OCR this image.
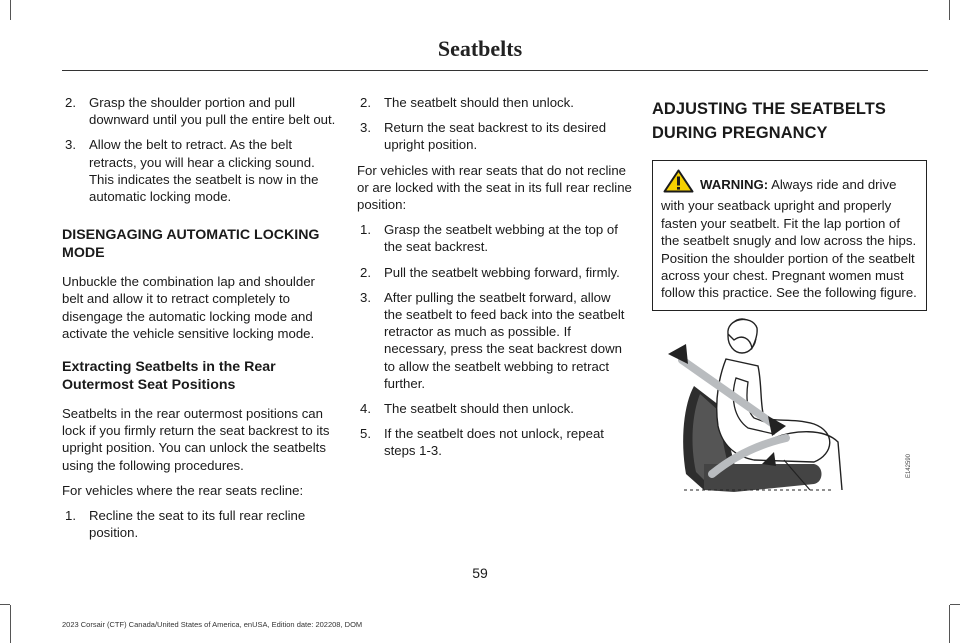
Seatbelts
2. Grasp the shoulder portion and pull downward until you pull the entire belt out.
3. Allow the belt to retract. As the belt retracts, you will hear a clicking sound. This indicates the seatbelt is now in the automatic locking mode.
DISENGAGING AUTOMATIC LOCKING MODE
Unbuckle the combination lap and shoulder belt and allow it to retract completely to disengage the automatic locking mode and activate the vehicle sensitive locking mode.
Extracting Seatbelts in the Rear Outermost Seat Positions
Seatbelts in the rear outermost positions can lock if you firmly return the seat backrest to its upright position. You can unlock the seatbelts using the following procedures.
For vehicles where the rear seats recline:
1. Recline the seat to its full rear recline position.
2. The seatbelt should then unlock.
3. Return the seat backrest to its desired upright position.
For vehicles with rear seats that do not recline or are locked with the seat in its full rear recline position:
1. Grasp the seatbelt webbing at the top of the seat backrest.
2. Pull the seatbelt webbing forward, firmly.
3. After pulling the seatbelt forward, allow the seatbelt to feed back into the seatbelt retractor as much as possible. If necessary, press the seat backrest down to allow the seatbelt webbing to retract further.
4. The seatbelt should then unlock.
5. If the seatbelt does not unlock, repeat steps 1-3.
ADJUSTING THE SEATBELTS
DURING PREGNANCY
WARNING: Always ride and drive with your seatback upright and properly fasten your seatbelt. Fit the lap portion of the seatbelt snugly and low across the hips. Position the shoulder portion of the seatbelt across your chest. Pregnant women must follow this practice. See the following figure.
E142590
59
2023 Corsair (CTF) Canada/United States of America, enUSA, Edition date: 202208, DOM
